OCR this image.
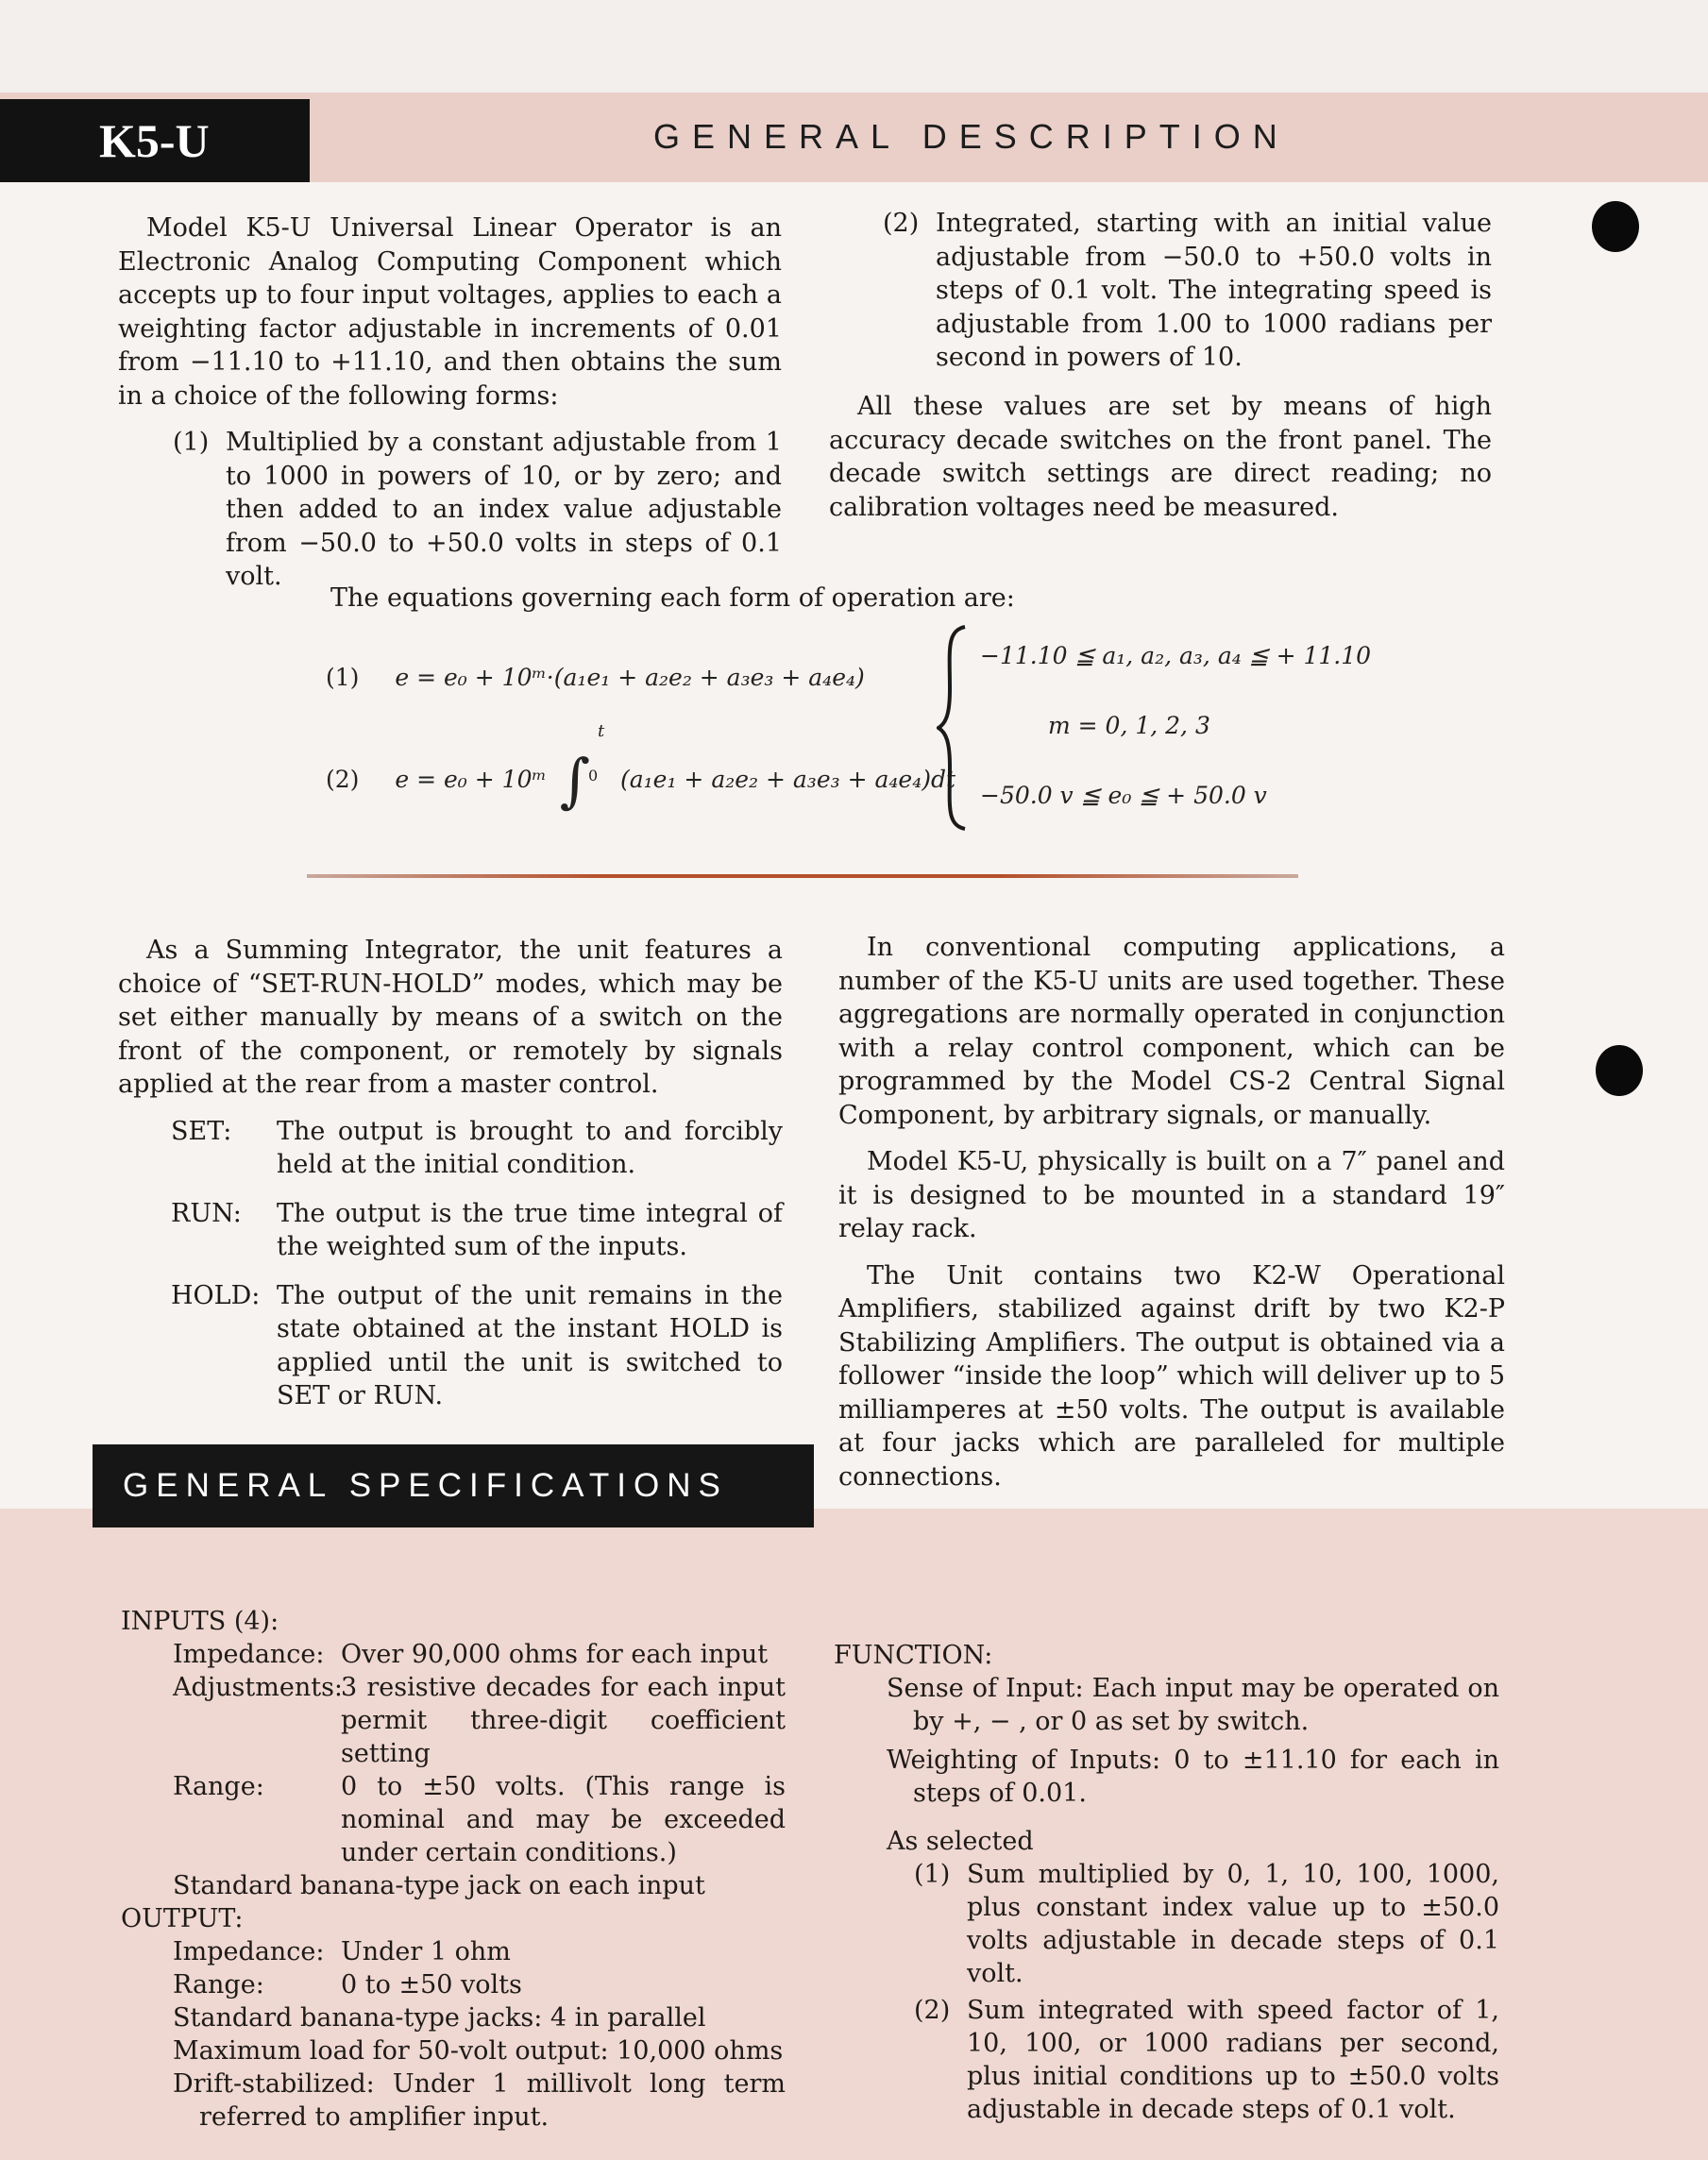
K5-U	GENERAL DESCRIPTION

Model K5-U Universal Linear Operator is an Electronic Analog Computing Component which accepts up to four input voltages, applies to each a weighting factor adjustable in increments of 0.01 from −11.10 to +11.10, and then obtains the sum in a choice of the following forms:

(1) Multiplied by a constant adjustable from 1 to 1000 in powers of 10, or by zero; and then added to an index value adjustable from −50.0 to +50.0 volts in steps of 0.1 volt.
(2) Integrated, starting with an initial value adjustable from −50.0 to +50.0 volts in steps of 0.1 volt. The integrating speed is adjustable from 1.00 to 1000 radians per second in powers of 10.

All these values are set by means of high accuracy decade switches on the front panel. The decade switch settings are direct reading; no calibration voltages need be measured.

The equations governing each form of operation are:
(1) e = e₀ + 10ᵐ·(a₁e₁ + a₂e₂ + a₃e₃ + a₄e₄)
(2) e = e₀ + 10ᵐ ∫
t
0 (a₁e₁ + a₂e₂ + a₃e₃ + a₄e₄)dt
−11.10 ≦ a₁, a₂, a₃, a₄ ≦ + 11.10
m = 0, 1, 2, 3
−50.0 v ≦ e₀ ≦ + 50.0 v

As a Summing Integrator, the unit features a choice of “SET-RUN-HOLD” modes, which may be set either manually by means of a switch on the front of the component, or remotely by signals applied at the rear from a master control.

SET:	The output is brought to and forcibly held at the initial condition.
RUN:	The output is the true time integral of the weighted sum of the inputs.
HOLD: The output of the unit remains in the state obtained at the instant HOLD is applied until the unit is switched to SET or RUN.

In conventional computing applications, a number of the K5-U units are used together. These aggregations are normally operated in conjunction with a relay control component, which can be programmed by the Model CS-2 Central Signal Component, by arbitrary signals, or manually.

Model K5-U, physically is built on a 7″ panel and it is designed to be mounted in a standard 19″ relay rack.

The Unit contains two K2-W Operational Amplifiers, stabilized against drift by two K2-P Stabilizing Amplifiers. The output is obtained via a follower “inside the loop” which will deliver up to 5 milliamperes at ±50 volts. The output is available at four jacks which are paralleled for multiple connections.

GENERAL SPECIFICATIONS
INPUTS (4):
Impedance: Over 90,000 ohms for each input
Adjustments:
3 resistive decades for each input permit three-digit coefficient setting
Range:	0 to ±50 volts. (This range is nominal and may be exceeded under certain conditions.)
Standard banana-type jack on each input
OUTPUT:
Impedance: Under 1 ohm
Range:	0 to ±50 volts
Standard banana-type jacks: 4 in parallel
Maximum load for 50-volt output: 10,000 ohms
Drift-stabilized: Under 1 millivolt long term referred to amplifier input.
FUNCTION:
Sense of Input: Each input may be operated on by +, − , or 0 as set by switch.
Weighting of Inputs: 0 to ±11.10 for each in steps of 0.01.
As selected
(1) Sum multiplied by 0, 1, 10, 100, 1000, plus constant index value up to ±50.0 volts adjustable in decade steps of 0.1 volt.
(2) Sum integrated with speed factor of 1, 10, 100, or 1000 radians per second, plus initial conditions up to ±50.0 volts adjustable in decade steps of 0.1 volt.
